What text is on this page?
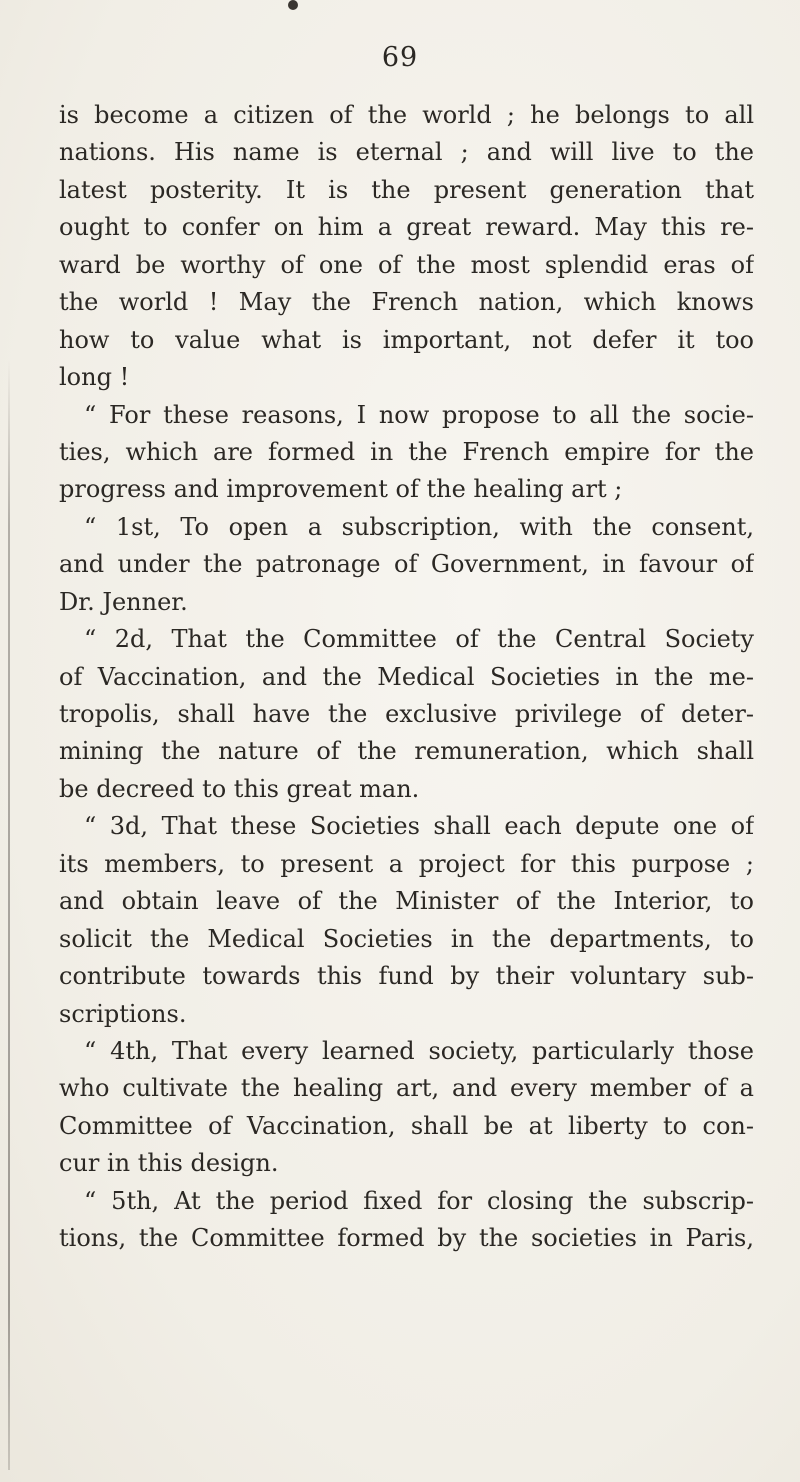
69
is become a citizen of the world ; he belongs to all
nations. His name is eternal ; and will live to the
latest posterity. It is the present generation that
ought to confer on him a great reward. May this re-
ward be worthy of one of the most splendid eras of
the world ! May the French nation, which knows
how to value what is important, not defer it too
long !
“ For these reasons, I now propose to all the socie-
ties, which are formed in the French empire for the
progress and improvement of the healing art ;
“ 1st, To open a subscription, with the consent,
and under the patronage of Government, in favour of
Dr. Jenner.
“ 2d, That the Committee of the Central Society
of Vaccination, and the Medical Societies in the me-
tropolis, shall have the exclusive privilege of deter-
mining the nature of the remuneration, which shall
be decreed to this great man.
“ 3d, That these Societies shall each depute one of
its members, to present a project for this purpose ;
and obtain leave of the Minister of the Interior, to
solicit the Medical Societies in the departments, to
contribute towards this fund by their voluntary sub-
scriptions.
“ 4th, That every learned society, particularly those
who cultivate the healing art, and every member of a
Committee of Vaccination, shall be at liberty to con-
cur in this design.
“ 5th, At the period fixed for closing the subscrip-
tions, the Committee formed by the societies in Paris,
